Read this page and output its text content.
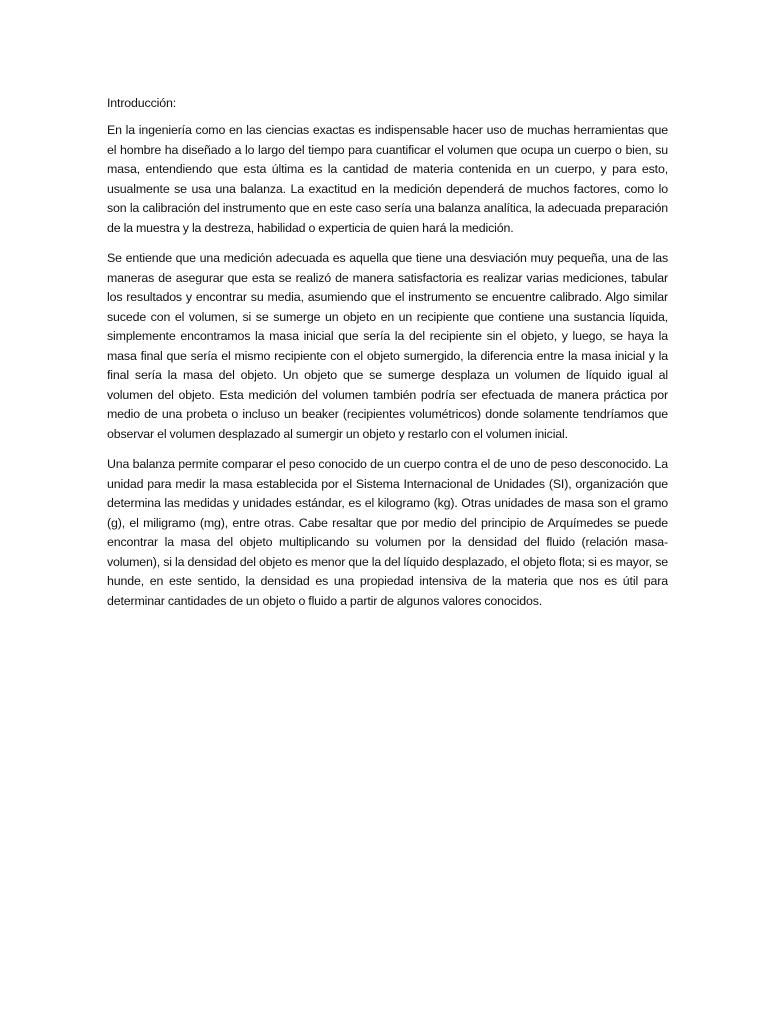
Introducción:

En la ingeniería como en las ciencias exactas es indispensable hacer uso de muchas herramientas que el hombre ha diseñado a lo largo del tiempo para cuantificar el volumen que ocupa un cuerpo o bien, su masa, entendiendo que esta última es la cantidad de materia contenida en un cuerpo, y para esto, usualmente se usa una balanza. La exactitud en la medición dependerá de muchos factores, como lo son la calibración del instrumento que en este caso sería una balanza analítica, la adecuada preparación de la muestra y la destreza, habilidad o experticia de quien hará la medición.

Se entiende que una medición adecuada es aquella que tiene una desviación muy pequeña, una de las maneras de asegurar que esta se realizó de manera satisfactoria es realizar varias mediciones, tabular los resultados y encontrar su media, asumiendo que el instrumento se encuentre calibrado. Algo similar sucede con el volumen, si se sumerge un objeto en un recipiente que contiene una sustancia líquida, simplemente encontramos la masa inicial que sería la del recipiente sin el objeto, y luego, se haya la masa final que sería el mismo recipiente con el objeto sumergido, la diferencia entre la masa inicial y la final sería la masa del objeto. Un objeto que se sumerge desplaza un volumen de líquido igual al volumen del objeto. Esta medición del volumen también podría ser efectuada de manera práctica por medio de una probeta o incluso un beaker (recipientes volumétricos) donde solamente tendríamos que observar el volumen desplazado al sumergir un objeto y restarlo con el volumen inicial.

Una balanza permite comparar el peso conocido de un cuerpo contra el de uno de peso desconocido. La unidad para medir la masa establecida por el Sistema Internacional de Unidades (SI), organización que determina las medidas y unidades estándar, es el kilogramo (kg). Otras unidades de masa son el gramo (g), el miligramo (mg), entre otras. Cabe resaltar que por medio del principio de Arquímedes se puede encontrar la masa del objeto multiplicando su volumen por la densidad del fluido (relación masa-volumen), si la densidad del objeto es menor que la del líquido desplazado, el objeto flota; si es mayor, se hunde, en este sentido, la densidad es una propiedad intensiva de la materia que nos es útil para determinar cantidades de un objeto o fluido a partir de algunos valores conocidos.
